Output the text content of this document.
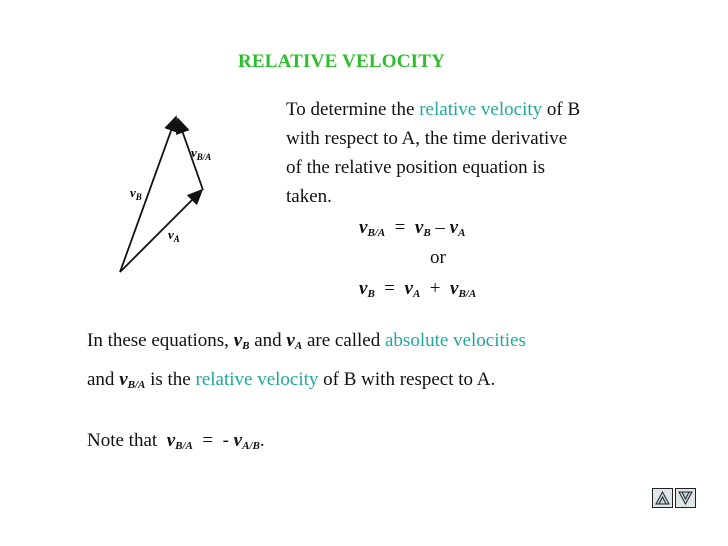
RELATIVE VELOCITY
$v_{B/A}$
$v_B$
$v_A$
To determine the relative velocity of B
with respect to A, the time derivative
of the relative position equation is
taken.
$v_{B/A} = v_B - v_A$
or
$v_B = v_A + v_{B/A}$
In these equations, $v_B$ and $v_A$ are called absolute velocities
and $v_{B/A}$ is the relative velocity of B with respect to A.
Note that $v_{B/A}$ = - $v_{A/B}$.
